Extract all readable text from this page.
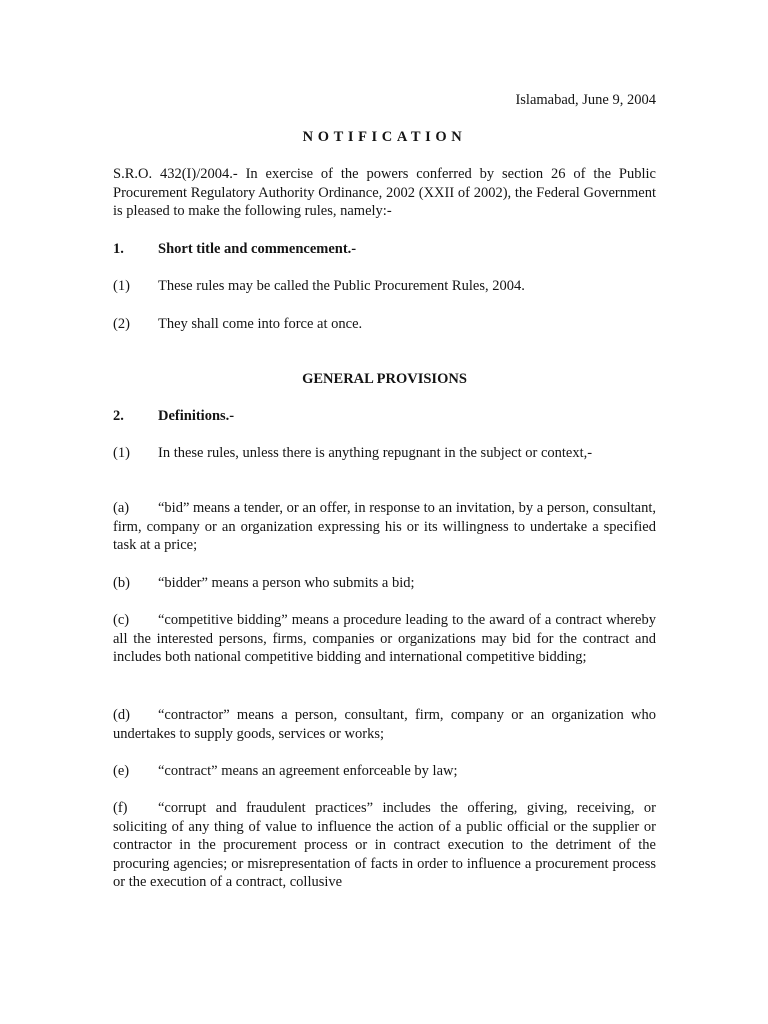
Islamabad, June 9, 2004
NOTIFICATION

S.R.O. 432(I)/2004.- In exercise of the powers conferred by section 26 of the Public Procurement Regulatory Authority Ordinance, 2002 (XXII of 2002), the Federal Government is pleased to make the following rules, namely:-

1.	Short title and commencement.-
(1)	These rules may be called the Public Procurement Rules, 2004.
(2)	They shall come into force at once.
GENERAL PROVISIONS
2.	Definitions.-

(1) In these rules, unless there is anything repugnant in the subject or context,-

(a) “bid” means a tender, or an offer, in response to an invitation, by a person, consultant, firm, company or an organization expressing his or its willingness to undertake a specified task at a price;

(b) “bidder” means a person who submits a bid;

(c) “competitive bidding” means a procedure leading to the award of a contract whereby all the interested persons, firms, companies or organizations may bid for the contract and includes both national competitive bidding and international competitive bidding;

(d) “contractor” means a person, consultant, firm, company or an organization who undertakes to supply goods, services or works;

(e) “contract” means an agreement enforceable by law;

(f) “corrupt and fraudulent practices” includes the offering, giving, receiving, or soliciting of any thing of value to influence the action of a public official or the supplier or contractor in the procurement process or in contract execution to the detriment of the procuring agencies; or misrepresentation of facts in order to influence a procurement process or the execution of a contract, collusive
